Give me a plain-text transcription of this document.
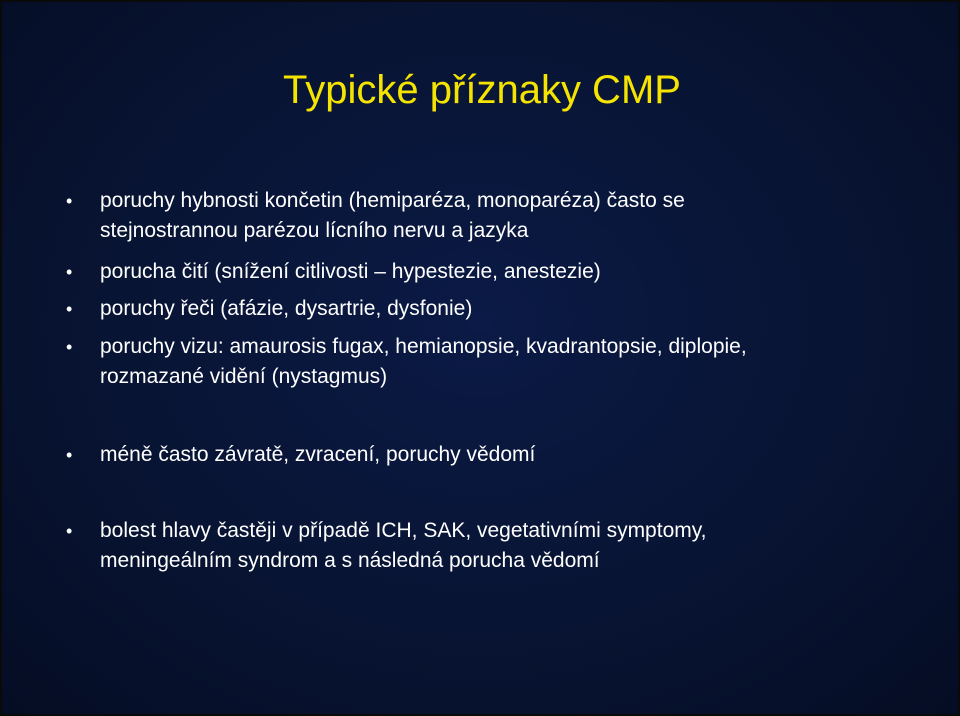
Typické příznaky CMP
• poruchy hybnosti končetin (hemiparéza, monoparéza) často se
stejnostrannou parézou lícního nervu a jazyka
• porucha čití (snížení citlivosti – hypestezie, anestezie)
• poruchy řeči (afázie, dysartrie, dysfonie)
• poruchy vizu: amaurosis fugax, hemianopsie, kvadrantopsie, diplopie,
rozmazané vidění (nystagmus)
• méně často závratě, zvracení, poruchy vědomí
• bolest hlavy častěji v případě ICH, SAK, vegetativními symptomy,
meningeálním syndrom a s následná porucha vědomí
